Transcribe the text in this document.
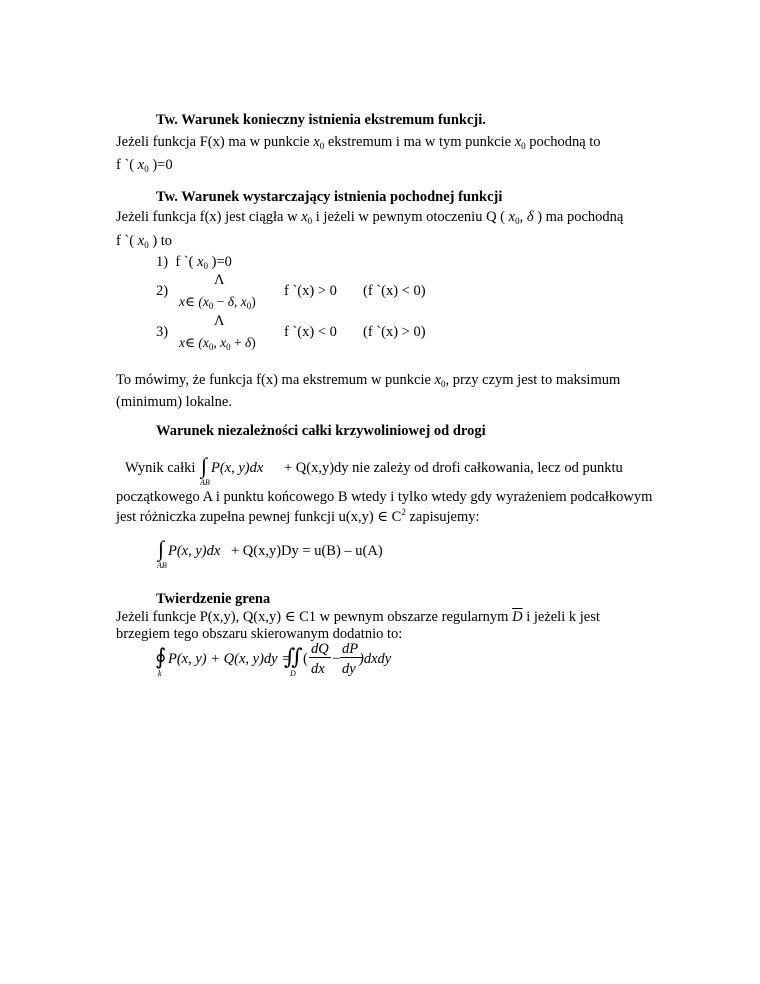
Tw. Warunek konieczny istnienia ekstremum funkcji.
Jeżeli funkcja F(x) ma w punkcie $x_0$ ekstremum i ma w tym punkcie $x_0$ pochodną to
f `( $x_0$ )=0
Tw. Warunek wystarczający istnienia pochodnej funkcji
Jeżeli funkcja f(x) jest ciągła w $x_0$ i jeżeli w pewnym otoczeniu Q ( $x_0$, δ ) ma pochodną
f `( $x_0$ ) to
1) f `( $x_0$ )=0
Λ
2)
x∈ ($x_0 - \delta$, $x_0$)
f `(x) > 0 (f `(x) < 0)
Λ
3)
x∈ ($x_0$, $x_0 + \delta$)
f `(x) < 0 (f `(x) > 0)
To mówimy, że funkcja f(x) ma ekstremum w punkcie $x_0$, przy czym jest to maksimum
(minimum) lokalne.
Warunek niezależności całki krzywoliniowej od drogi
Wynik całki ∫ P(x, y)dx
AB
+ Q(x,y)dy nie zależy od drofi całkowania, lecz od punktu
początkowego A i punktu końcowego B wtedy i tylko wtedy gdy wyrażeniem podcałkowym
jest różniczka zupełna pewnej funkcji u(x,y) ∈ $C^2$ zapisujemy:
∫ P(x, y)dx
AB
+ Q(x,y)Dy = u(B) – u(A)
Twierdzenie grena
Jeżeli funkcje P(x,y), Q(x,y) ∈ C1 w pewnym obszarze regularnym $\overline{D}$ i jeżeli k jest
brzegiem tego obszaru skierowanym dodatnio to:
∮ P(x, y) + Q(x, y)dy =
k
∬
D
(
dQ
dx
−
dP
dy
)dxdy
